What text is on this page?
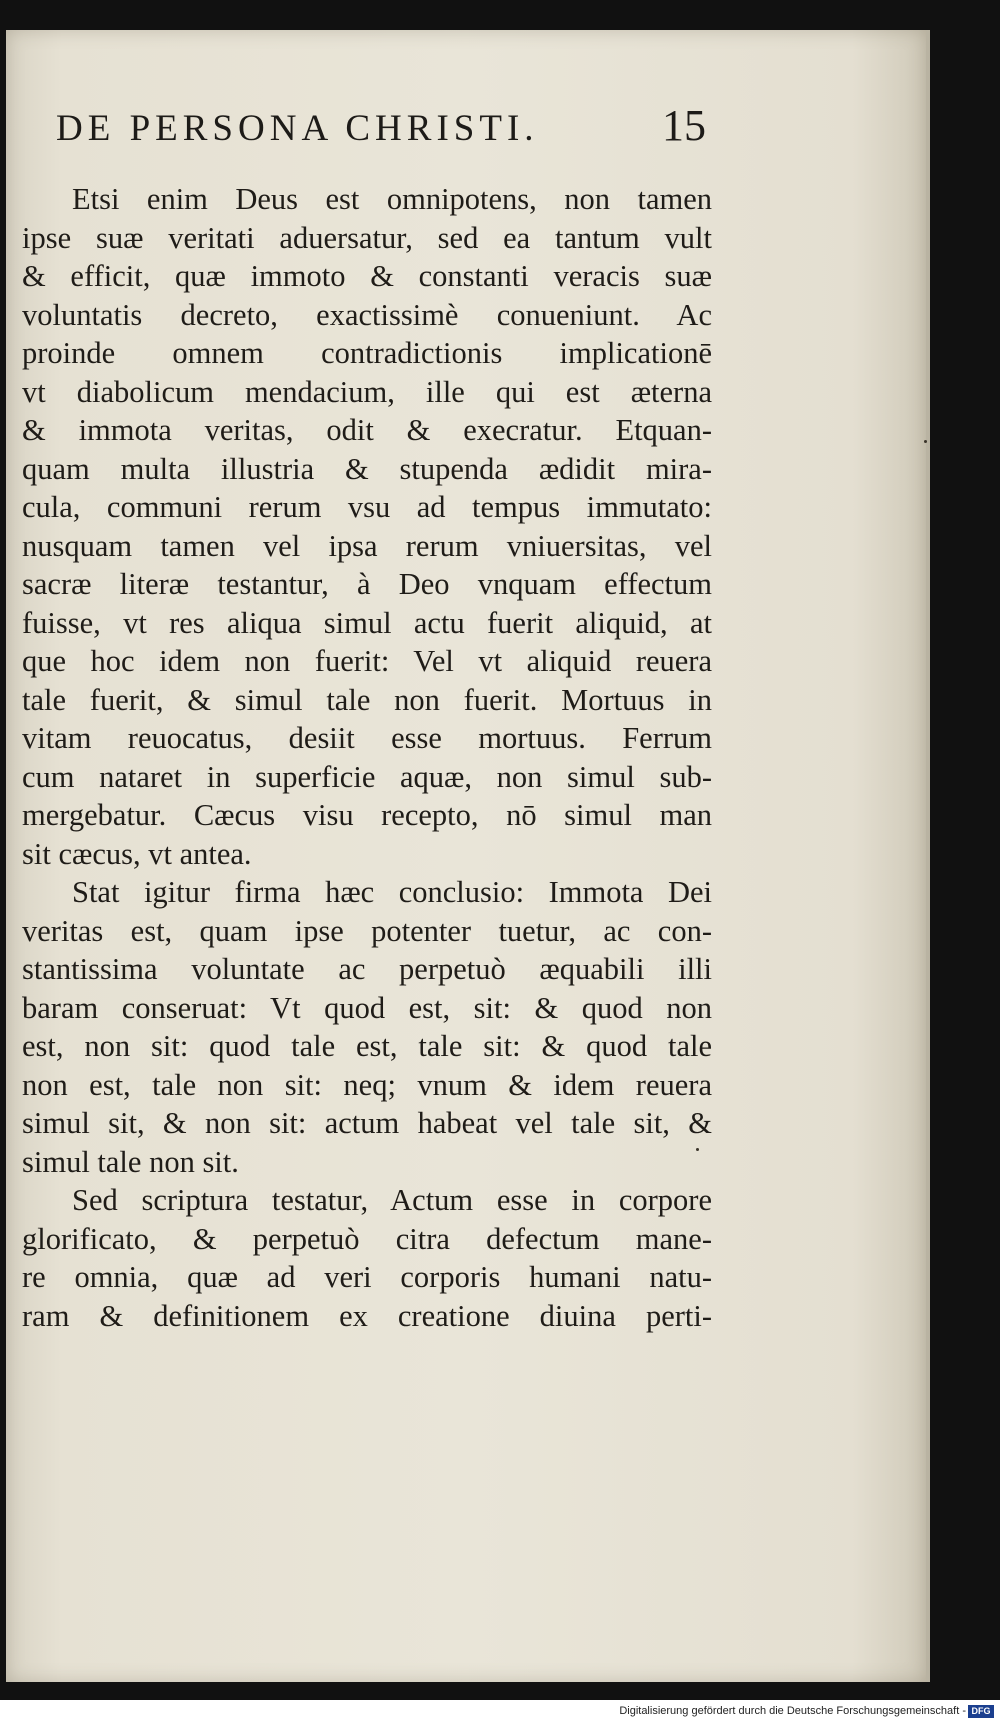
DE PERSONA CHRISTI.	15
Etsi enim Deus est omnipotens, non tamen
ipse suæ veritati aduersatur, sed ea tantum vult
& efficit, quæ immoto & constanti veracis suæ
voluntatis decreto, exactissimè conueniunt. Ac
proinde omnem contradictionis implicationē
vt diabolicum mendacium, ille qui est æterna
& immota veritas, odit & execratur. Etquan-
quam multa illustria & stupenda ædidit mira-
cula, communi rerum vsu ad tempus immutato:
nusquam tamen vel ipsa rerum vniuersitas, vel
sacræ literæ testantur, à Deo vnquam effectum
fuisse, vt res aliqua simul actu fuerit aliquid, at
que hoc idem non fuerit: Vel vt aliquid reuera
tale fuerit, & simul tale non fuerit. Mortuus in
vitam reuocatus, desiit esse mortuus. Ferrum
cum nataret in superficie aquæ, non simul sub-
mergebatur. Cæcus visu recepto, nō simul man
sit cæcus, vt antea.
Stat igitur firma hæc conclusio: Immota Dei
veritas est, quam ipse potenter tuetur, ac con-
stantissima voluntate ac perpetuò æquabili illi
baram conseruat: Vt quod est, sit: & quod non
est, non sit: quod tale est, tale sit: & quod tale
non est, tale non sit: neq; vnum & idem reuera
simul sit, & non sit: actum habeat vel tale sit, &
simul tale non sit.
Sed scriptura testatur, Actum esse in corpore
glorificato, & perpetuò citra defectum mane-
re omnia, quæ ad veri corporis humani natu-
ram & definitionem ex creatione diuina perti-
Digitalisierung gefördert durch die Deutsche Forschungsgemeinschaft - DFG
